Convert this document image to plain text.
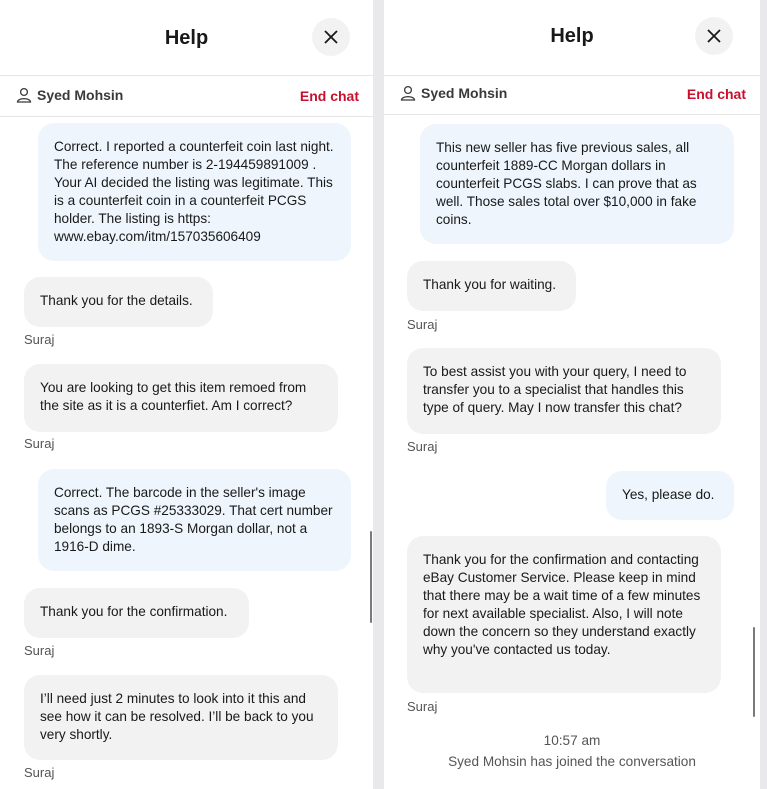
Help
Syed Mohsin	End chat
Correct. I reported a counterfeit coin last night. The reference number is 2-194459891009 . Your AI decided the listing was legitimate. This is a counterfeit coin in a counterfeit PCGS holder. The listing is https: www.ebay.com/itm/157035606409
Thank you for the details.
Suraj
You are looking to get this item remoed from the site as it is a counterfiet. Am I correct?
Suraj
Correct. The barcode in the seller's image scans as PCGS #25333029. That cert number belongs to an 1893-S Morgan dollar, not a 1916-D dime.
Thank you for the confirmation.
Suraj
I’ll need just 2 minutes to look into it this and see how it can be resolved. I’ll be back to you very shortly.
Suraj
Help
Syed Mohsin	End chat
This new seller has five previous sales, all counterfeit 1889-CC Morgan dollars in counterfeit PCGS slabs. I can prove that as well. Those sales total over $10,000 in fake coins.
Thank you for waiting.
Suraj
To best assist you with your query, I need to transfer you to a specialist that handles this type of query. May I now transfer this chat?
Suraj
Yes, please do.
Thank you for the confirmation and contacting eBay Customer Service. Please keep in mind that there may be a wait time of a few minutes for next available specialist. Also, I will note down the concern so they understand exactly why you've contacted us today.
Suraj
10:57 am
Syed Mohsin has joined the conversation
